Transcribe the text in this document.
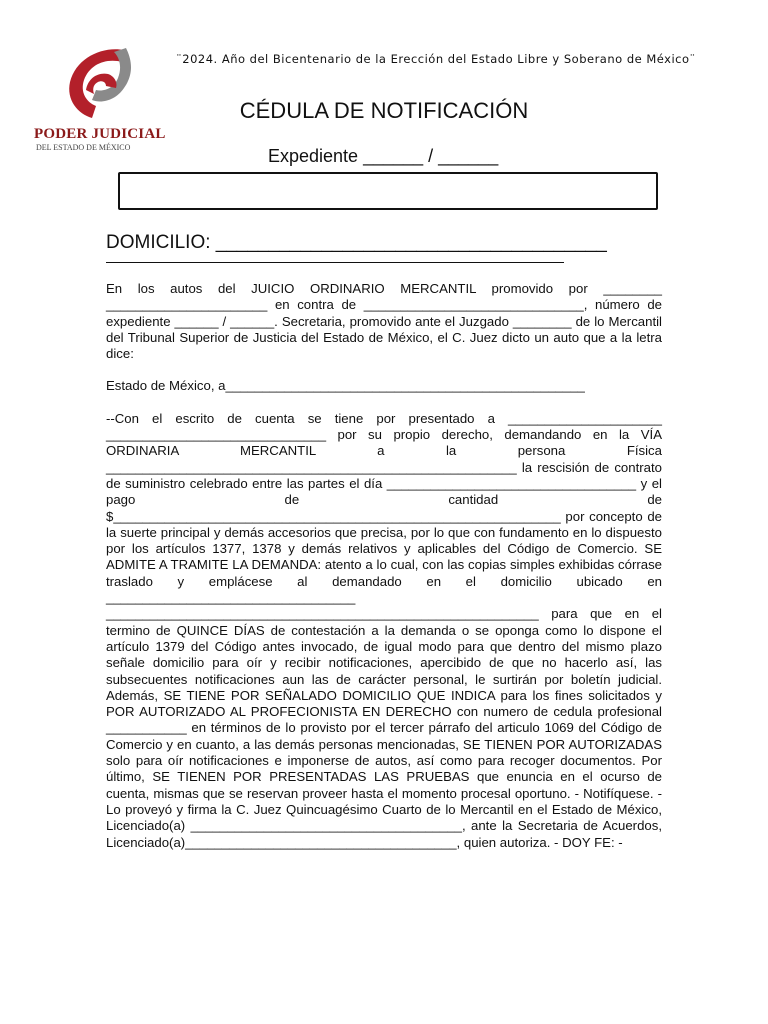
PODER JUDICIAL
DEL ESTADO DE MÉXICO
¨2024. Año del Bicentenario de la Erección del Estado Libre y Soberano de México¨
CÉDULA DE NOTIFICACIÓN
Expediente ______ / ______
DOMICILIO: _____________________________________

En los autos del JUICIO ORDINARIO MERCANTIL promovido por ________ ______________________ en contra de ______________________________, número de expediente ______ / ______. Secretaria, promovido ante el Juzgado ________ de lo Mercantil del Tribunal Superior de Justicia del Estado de México, el C. Juez dicto un auto que a la letra dice:

Estado de México, a_________________________________________________

--Con el escrito de cuenta se tiene por presentado a _____________________ ______________________________ por su propio derecho, demandando en la VÍA ORDINARIA MERCANTIL a la persona Física ________________________________________________________ la rescisión de contrato de suministro celebrado entre las partes el día __________________________________ y el pago de cantidad de $_____________________________________________________________ por concepto de la suerte principal y demás accesorios que precisa, por lo que con fundamento en lo dispuesto por los artículos 1377, 1378 y demás relativos y aplicables del Código de Comercio. SE ADMITE A TRAMITE LA DEMANDA: atento a lo cual, con las copias simples exhibidas córrase traslado y emplácese al demandado en el domicilio ubicado en __________________________________ ___________________________________________________________ para que en el termino de QUINCE DÍAS de contestación a la demanda o se oponga como lo dispone el artículo 1379 del Código antes invocado, de igual modo para que dentro del mismo plazo señale domicilio para oír y recibir notificaciones, apercibido de que no hacerlo así, las subsecuentes notificaciones aun las de carácter personal, le surtirán por boletín judicial. Además, SE TIENE POR SEÑALADO DOMICILIO QUE INDICA para los fines solicitados y POR AUTORIZADO AL PROFECIONISTA EN DERECHO con numero de cedula profesional ___________ en términos de lo provisto por el tercer párrafo del articulo 1069 del Código de Comercio y en cuanto, a las demás personas mencionadas, SE TIENEN POR AUTORIZADAS solo para oír notificaciones e imponerse de autos, así como para recoger documentos. Por último, SE TIENEN POR PRESENTADAS LAS PRUEBAS que enuncia en el ocurso de cuenta, mismas que se reservan proveer hasta el momento procesal oportuno. - Notifíquese. - Lo proveyó y firma la C. Juez Quincuagésimo Cuarto de lo Mercantil en el Estado de México, Licenciado(a) _____________________________________, ante la Secretaria de Acuerdos, Licenciado(a)_____________________________________, quien autoriza. - DOY FE: -
